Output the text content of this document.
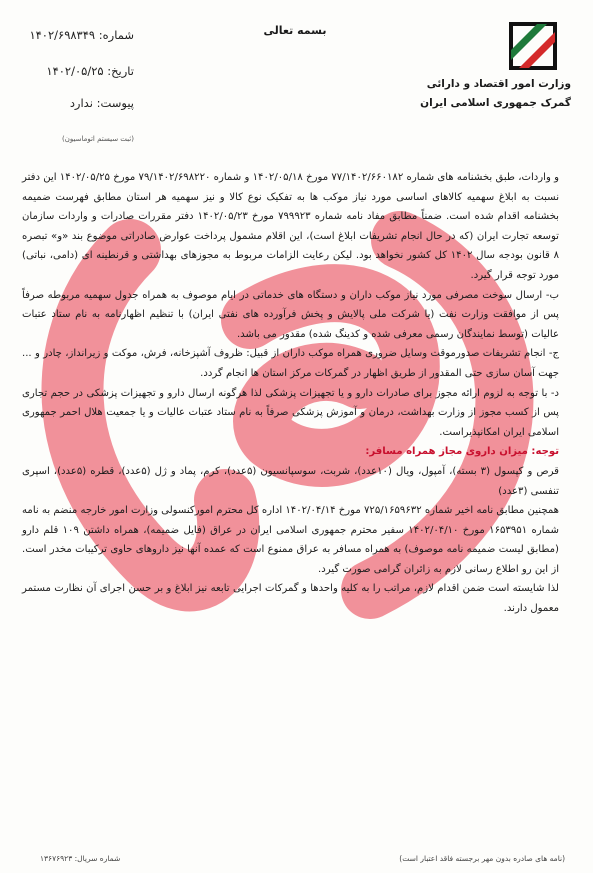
بسمه تعالی
شماره: ۱۴۰۲/۶۹۸۳۴۹
تاریخ: ۱۴۰۲/۰۵/۲۵
پیوست: ندارد
(ثبت سیستم اتوماسیون)
وزارت امور اقتصاد و دارائی
گمرک جمهوری اسلامی ایران

و واردات، طبق بخشنامه های شماره ۷۷/۱۴۰۲/۶۶۰۱۸۲ مورخ ۱۴۰۲/۰۵/۱۸ و شماره ۷۹/۱۴۰۲/۶۹۸۲۲۰ مورخ ۱۴۰۲/۰۵/۲۵ این دفتر نسبت به ابلاغ سهمیه کالاهای اساسی مورد نیاز موکب ها به تفکیک نوع کالا و نیز سهمیه هر استان مطابق فهرست ضمیمه بخشنامه اقدام شده است. ضمناً مطابق مفاد نامه شماره ۷۹۹۹۲۳ مورخ ۱۴۰۲/۰۵/۲۳ دفتر مقررات صادرات و واردات سازمان توسعه تجارت ایران (که در حال انجام تشریفات ابلاغ است)، این اقلام مشمول پرداخت عوارض صادراتی موضوع بند «و» تبصره ۸ قانون بودجه سال ۱۴۰۲ کل کشور نخواهد بود. لیکن رعایت الزامات مربوط به مجوزهای بهداشتی و قرنطینه ای (دامی، نباتی) مورد توجه قرار گیرد.

ب- ارسال سوخت مصرفی مورد نیاز موکب داران و دستگاه های خدماتی در ایام موصوف به همراه جدول سهمیه مربوطه صرفاً پس از موافقت وزارت نفت (یا شرکت ملی پالایش و پخش فرآورده های نفتی ایران) با تنظیم اظهارنامه به نام ستاد عتبات عالیات (توسط نمایندگان رسمی معرفی شده و کدینگ شده) مقدور می باشد.

ج- انجام تشریفات صدورموقت وسایل ضروری همراه موکب داران از قبیل: ظروف آشپزخانه، فرش، موکت و زیرانداز، چادر و ... جهت آسان سازی حتی المقدور از طریق اظهار در گمرکات مرکز استان ها انجام گردد.

د- با توجه به لزوم ارائه مجوز برای صادرات دارو و یا تجهیزات پزشکی لذا هرگونه ارسال دارو و تجهیزات پزشکی در حجم تجاری پس از کسب مجوز از وزارت بهداشت، درمان و آموزش پزشکی صرفاً به نام ستاد عتبات عالیات و یا جمعیت هلال احمر جمهوری اسلامی ایران امکانپذیراست.

توجه: میزان داروی مجاز همراه مسافر:

قرص و کپسول (۳ بسته)، آمپول، ویال (۱۰عدد)، شربت، سوسپانسیون (۵عدد)، کرم، پماد و ژل (۵عدد)، قطره (۵عدد)، اسپری تنفسی (۳عدد)

همچنین مطابق نامه اخیر شماره ۷۲۵/۱۶۵۹۶۳۲ مورخ ۱۴۰۲/۰۴/۱۴ اداره کل محترم امورکنسولی وزارت امور خارجه منضم به نامه شماره ۱۶۵۳۹۵۱ مورخ ۱۴۰۲/۰۴/۱۰ سفیر محترم جمهوری اسلامی ایران در عراق (فایل ضمیمه)، همراه داشتن ۱۰۹ قلم دارو (مطابق لیست ضمیمه نامه موصوف) به همراه مسافر به عراق ممنوع است که عمده آنها نیز داروهای حاوی ترکیبات مخدر است. از این رو اطلاع رسانی لازم به زائران گرامی صورت گیرد.

لذا شایسته است ضمن اقدام لازم، مراتب را به کلیه واحدها و گمرکات اجرایی تابعه نیز ابلاغ و بر حسن اجرای آن نظارت مستمر معمول دارند.

(نامه های صادره بدون مهر برجسته فاقد اعتبار است)
شماره سریال: ۱۳۶۷۶۹۲۳
